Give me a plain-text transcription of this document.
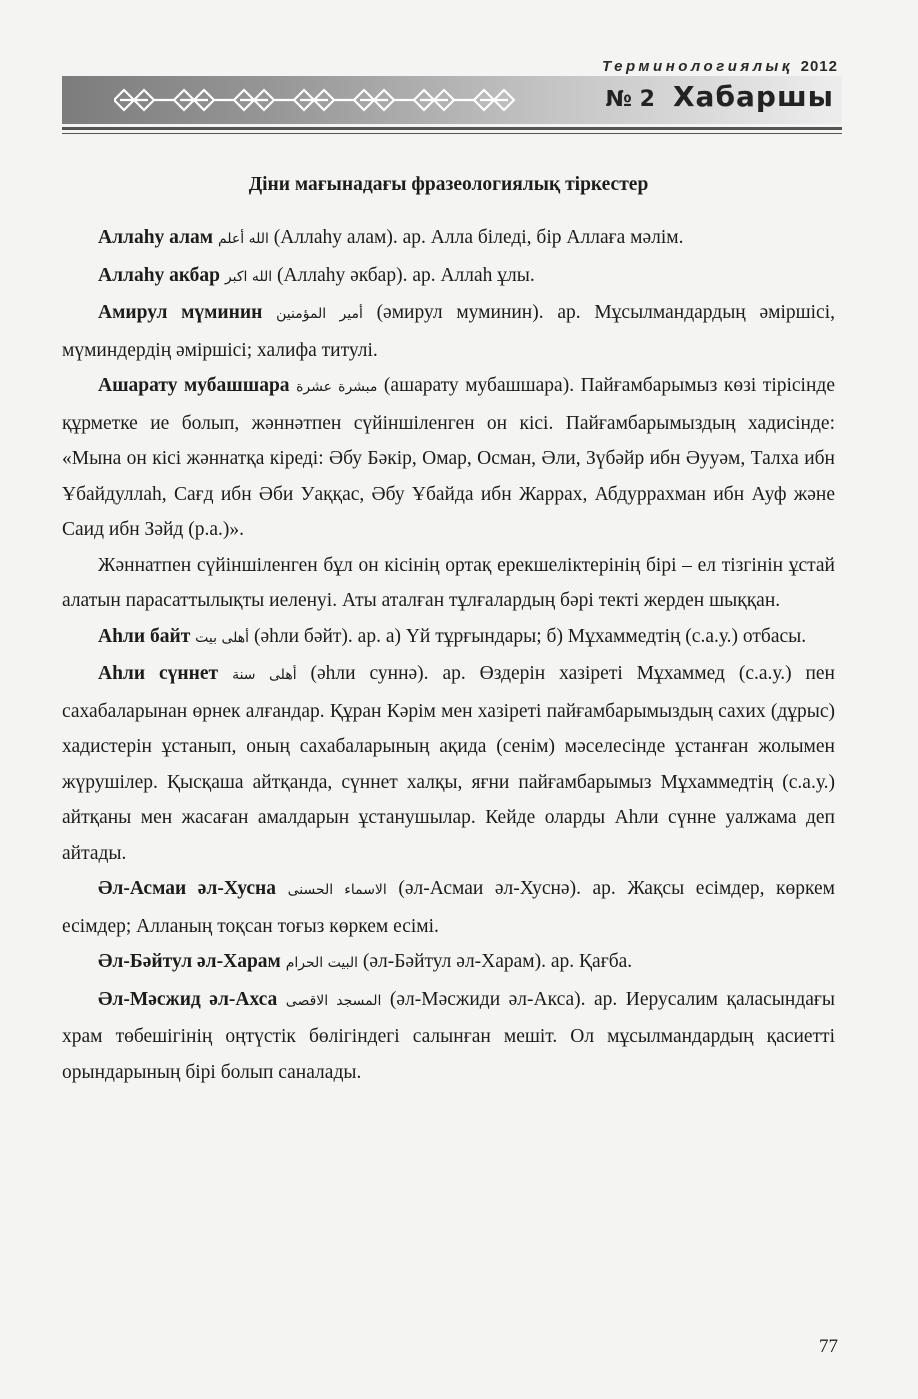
Терминологиялық 2012
№ 2 Хабаршы
Діни мағынадағы фразеологиялық тіркестер

Аллаһу алам الله أعلم (Аллаһу алам). ар. Алла біледі, бір Аллаға мәлім.

Аллаһу акбар الله اكبر (Аллаһу әкбар). ар. Аллаһ ұлы.

Амирул мүминин أمير المؤمنين (әмирул муминин). ар. Мұсылмандардың әміршісі, мүминдердің әміршісі; халифа титулі.

Ашарату мубашшара مبشرة عشرة (ашарату мубашшара). Пайғамбарымыз көзі тірісінде құрметке ие болып, жәннәтпен сүйіншіленген он кісі. Пайғамбарымыздың хадисінде: «Мына он кісі жәннатқа кіреді: Әбу Бәкір, Омар, Осман, Әли, Зүбәйр ибн Әууәм, Талха ибн Ұбайдуллаһ, Сағд ибн Әби Уаққас, Әбу Ұбайда ибн Жаррах, Абдуррахман ибн Ауф және Саид ибн Зәйд (р.а.)».

Жәннатпен сүйіншіленген бұл он кісінің ортақ ерекшеліктерінің бірі – ел тізгінін ұстай алатын парасаттылықты иеленуі. Аты аталған тұлғалардың бәрі текті жерден шыққан.

Аһли байт أهلى بيت (әһли бәйт). ар. а) Үй тұрғындары; б) Мұхаммедтің (с.а.у.) отбасы.

Аһли сүннет أهلى سنة (әһли суннә). ар. Өздерін хазіреті Мұхаммед (с.а.у.) пен сахабаларынан өрнек алғандар. Құран Кәрім мен хазіреті пайғамбарымыздың сахих (дұрыс) хадистерін ұстанып, оның сахабаларының ақида (сенім) мәселесінде ұстанған жолымен жүрушілер. Қысқаша айтқанда, сүннет халқы, яғни пайғамбарымыз Мұхаммедтің (с.а.у.) айтқаны мен жасаған амалдарын ұстанушылар. Кейде оларды Аһли сүнне уалжама деп айтады.

Әл-Асмаи әл-Хусна الاسماء الحسنى (әл-Асмаи әл-Хуснә). ар. Жақсы есімдер, көркем есімдер; Алланың тоқсан тоғыз көркем есімі.

Әл-Бәйтул әл-Харам البيت الحرام (әл-Бәйтул әл-Харам). ар. Қағба.

Әл-Мәсжид әл-Ахса المسجد الاقصى (әл-Мәсжиди әл-Акса). ар. Иерусалим қаласындағы храм төбешігінің оңтүстік бөлігіндегі салынған мешіт. Ол мұсылмандардың қасиетті орындарының бірі болып саналады.

77
